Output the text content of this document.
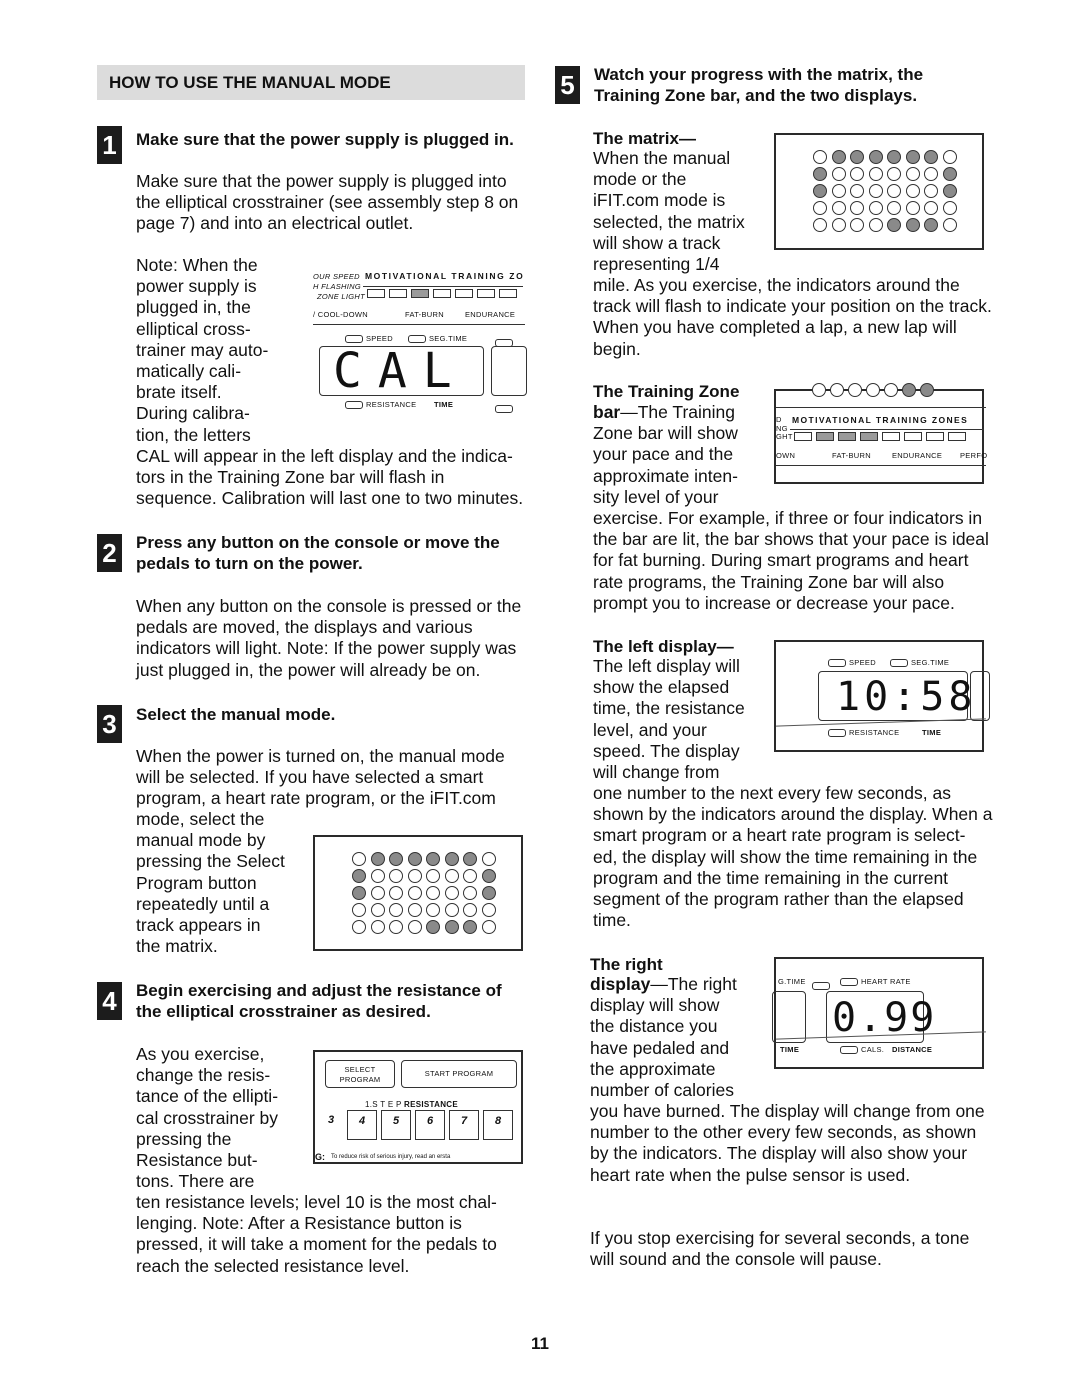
HOW TO USE THE MANUAL MODE
1	Make sure that the power supply is plugged in.
Make sure that the power supply is plugged into the elliptical crosstrainer (see assembly step 8 on page 7) and into an electrical outlet.
Note: When the
power supply is
plugged in, the
elliptical cross-
trainer may auto-
matically cali-
brate itself.
During calibra-
tion, the letters
CAL will appear in the left display and the indica- tors in the Training Zone bar will flash in sequence. Calibration will last one to two minutes.
OUR SPEED MOTIVATIONAL TRAINING ZO
H FLASHING
ZONE LIGHT
/ COOL-DOWN	FAT-BURN	ENDURANCE
SPEED	SEG.TIME
CAL
RESISTANCE TIME
2	Press any button on the console or move the
pedals to turn on the power.
When any button on the console is pressed or the pedals are moved, the displays and various indicators will light. Note: If the power supply was just plugged in, the power will already be on.
3	Select the manual mode.
When the power is turned on, the manual mode will be selected. If you have selected a smart program, a heart rate program, or the iFIT.com
mode, select the
manual mode by
pressing the Select
Program button
repeatedly until a
track appears in
the matrix.
4	Begin exercising and adjust the resistance of
the elliptical crosstrainer as desired.
As you exercise,
change the resis-
tance of the ellipti-
cal crosstrainer by
pressing the
Resistance but-
tons. There are
ten resistance levels; level 10 is the most chal- lenging. Note: After a Resistance button is pressed, it will take a moment for the pedals to reach the selected resistance level.
SELECT PROGRAM
START PROGRAM
1.S T E P RESISTANCE
3	4	5	6	7	8
G: To reduce risk of serious injury, read an ersta
5	Watch your progress with the matrix, the
Training Zone bar, and the two displays.
The matrix—
When the manual
mode or the
iFIT.com mode is
selected, the matrix
will show a track
representing 1/4
mile. As you exercise, the indicators around the track will flash to indicate your position on the track. When you have completed a lap, a new lap will begin.
The Training Zone
bar—The Training
Zone bar will show
your pace and the
approximate inten-
sity level of your
exercise. For example, if three or four indicators in the bar are lit, the bar shows that your pace is ideal for fat burning. During smart programs and heart rate programs, the Training Zone bar will also prompt you to increase or decrease your pace.
D MOTIVATIONAL TRAINING ZONES
NG
GHT
OWN	FAT-BURN	ENDURANCE PERFO
The left display—
The left display will
show the elapsed
time, the resistance
level, and your
speed. The display
will change from
one number to the next every few seconds, as shown by the indicators around the display. When a smart program or a heart rate program is select- ed, the display will show the time remaining in the program and the time remaining in the current segment of the program rather than the elapsed time.
SPEED	SEG.TIME
10:58
RESISTANCE	TIME
The right
display—The right
display will show
the distance you
have pedaled and
the approximate
number of calories
you have burned. The display will change from one number to the other every few seconds, as shown by the indicators. The display will also show your heart rate when the pulse sensor is used.
G.TIME	HEART RATE
0.99
TIME	CALS. DISTANCE
If you stop exercising for several seconds, a tone will sound and the console will pause.
11
